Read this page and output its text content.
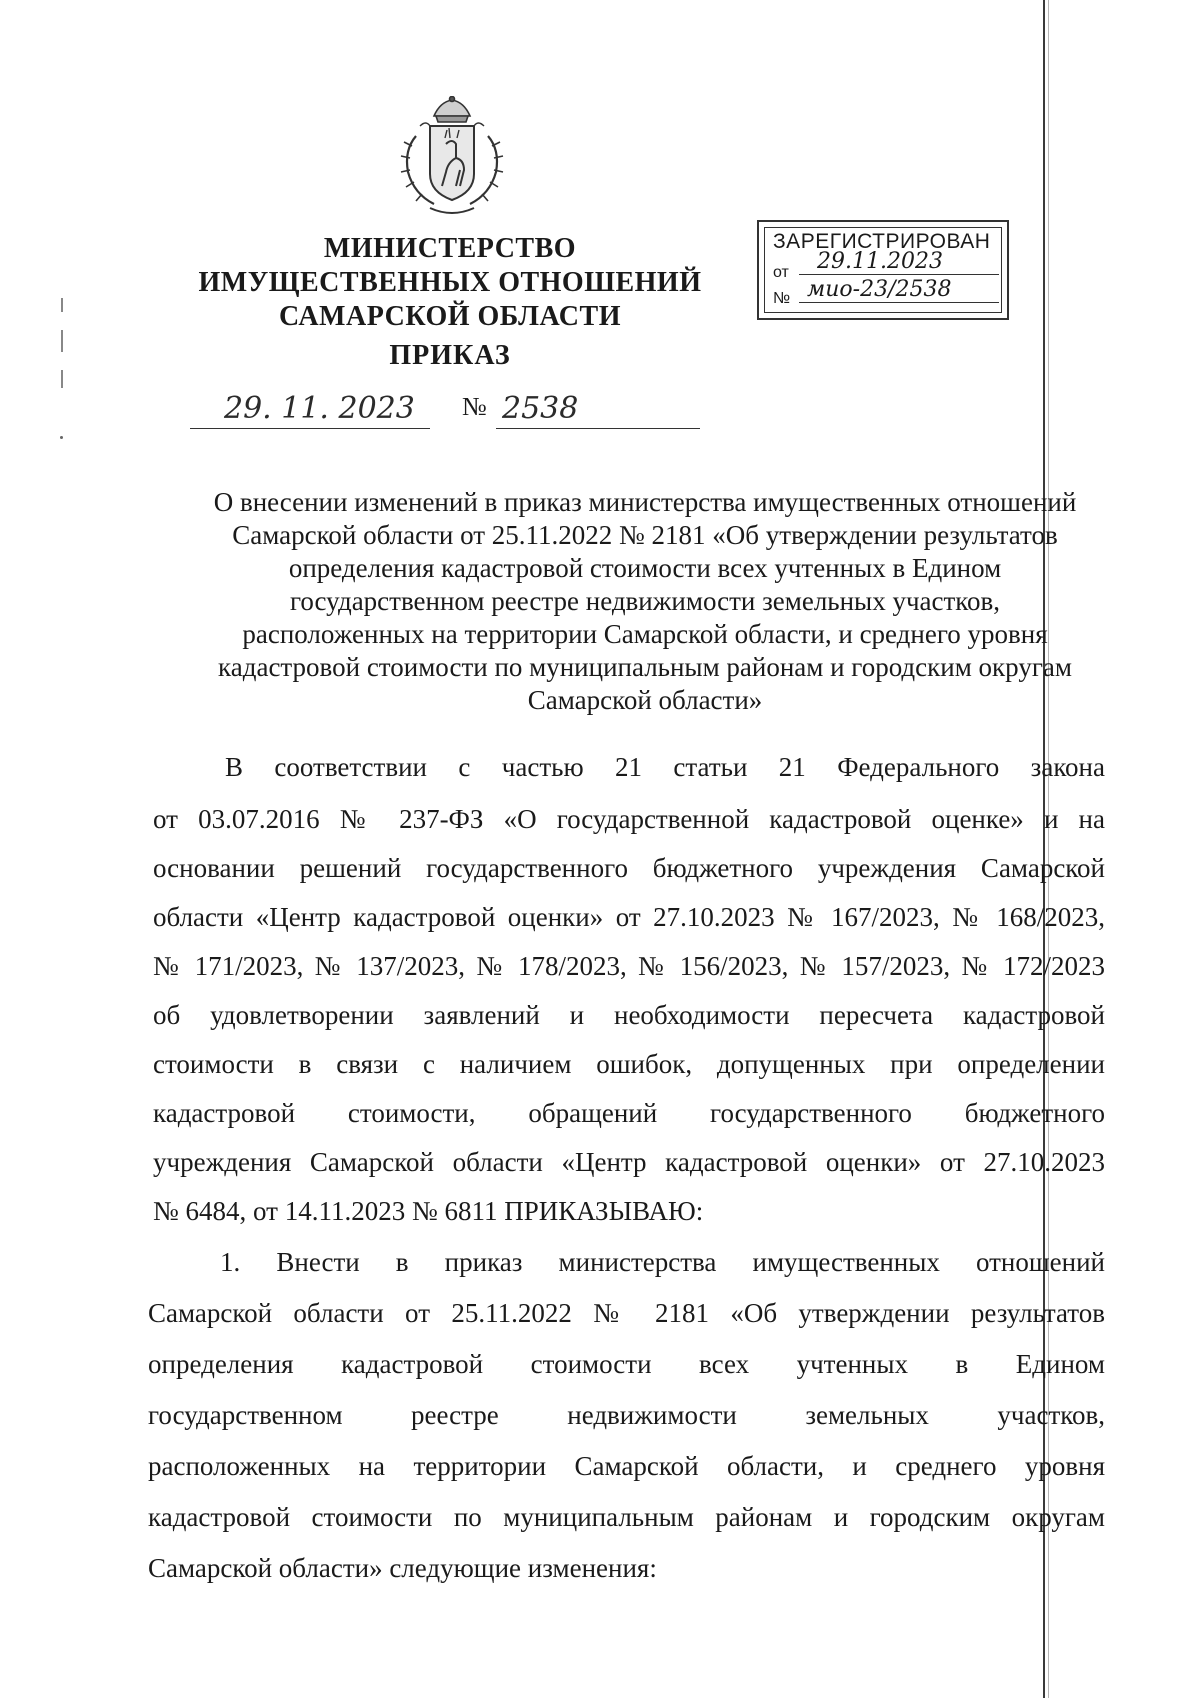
МИНИСТЕРСТВО
ИМУЩЕСТВЕННЫХ ОТНОШЕНИЙ
САМАРСКОЙ ОБЛАСТИ
ПРИКАЗ
29. 11. 2023 № 2538
ЗАРЕГИСТРИРОВАН
от 29.11.2023
№ мио-23/2538
О внесении изменений в приказ министерства имущественных отношений
Самарской области от 25.11.2022 № 2181 «Об утверждении результатов
определения кадастровой стоимости всех учтенных в Едином
государственном реестре недвижимости земельных участков,
расположенных на территории Самарской области, и среднего уровня
кадастровой стоимости по муниципальным районам и городским округам
Самарской области»
В соответствии с частью 21 статьи 21 Федерального закона
от 03.07.2016 № 237-ФЗ «О государственной кадастровой оценке» и на
основании решений государственного бюджетного учреждения Самарской
области «Центр кадастровой оценки» от 27.10.2023 № 167/2023, № 168/2023,
№ 171/2023, № 137/2023, № 178/2023, № 156/2023, № 157/2023, № 172/2023
об удовлетворении заявлений и необходимости пересчета кадастровой
стоимости в связи с наличием ошибок, допущенных при определении
кадастровой стоимости, обращений государственного бюджетного
учреждения Самарской области «Центр кадастровой оценки» от 27.10.2023
№ 6484, от 14.11.2023 № 6811 ПРИКАЗЫВАЮ:
1. Внести в приказ министерства имущественных отношений
Самарской области от 25.11.2022 № 2181 «Об утверждении результатов
определения кадастровой стоимости всех учтенных в Едином
государственном реестре недвижимости земельных участков,
расположенных на территории Самарской области, и среднего уровня
кадастровой стоимости по муниципальным районам и городским округам
Самарской области» следующие изменения:
